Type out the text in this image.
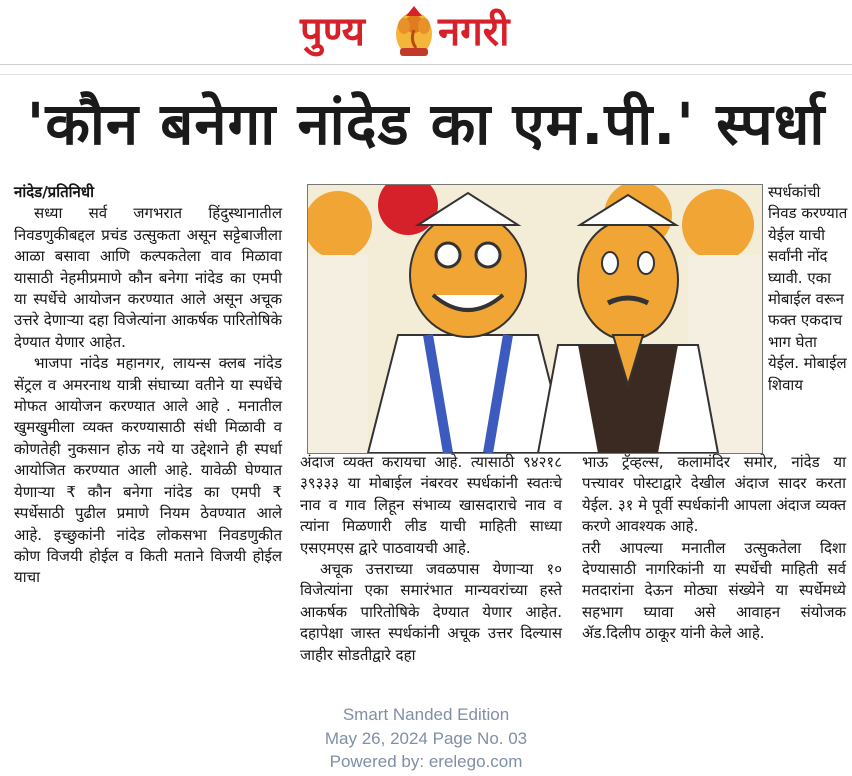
पुण्य नगरी
'कौन बनेगा नांदेड का एम.पी.' स्पर्धा

नांदेड/प्रतिनिधी

सध्या सर्व जगभरात हिंदुस्थानातील निवडणुकीबद्दल प्रचंड उत्सुकता असून सट्टेबाजीला आळा बसावा आणि कल्पकतेला वाव मिळावा यासाठी नेहमीप्रमाणे कौन बनेगा नांदेड का एमपी या स्पर्धेचे आयोजन करण्यात आले असून अचूक उत्तरे देणाऱ्या दहा विजेत्यांना आकर्षक पारितोषिके देण्यात येणार आहेत.

भाजपा नांदेड महानगर, लायन्स क्लब नांदेड सेंट्रल व अमरनाथ यात्री संघाच्या वतीने या स्पर्धेचे मोफत आयोजन करण्यात आले आहे . मनातील खुमखुमीला व्यक्त करण्यासाठी संधी मिळावी व कोणतेही नुकसान होऊ नये या उद्देशाने ही स्पर्धा आयोजित करण्यात आली आहे. यावेळी घेण्यात येणाऱ्या ₹ कौन बनेगा नांदेड का एमपी ₹ स्पर्धेसाठी पुढील प्रमाणे नियम ठेवण्यात आले आहे. इच्छुकांनी नांदेड लोकसभा निवडणुकीत कोण विजयी होईल व किती मताने विजयी होईल याचा

अंदाज व्यक्त करायचा आहे. त्यासाठी ९४२१८ ३९३३३ या मोबाईल नंबरवर स्पर्धकांनी स्वतःचे नाव व गाव लिहून संभाव्य खासदाराचे नाव व त्यांना मिळणारी लीड याची माहिती साध्या एसएमएस द्वारे पाठवायची आहे.

अचूक उत्तराच्या जवळपास येणाऱ्या १० विजेत्यांना एका समारंभात मान्यवरांच्या हस्ते आकर्षक पारितोषिके देण्यात येणार आहेत. दहापेक्षा जास्त स्पर्धकांनी अचूक उत्तर दिल्यास जाहीर सोडतीद्वारे दहा

स्पर्धकांची निवड करण्यात येईल याची सर्वांनी नोंद घ्यावी. एका मोबाईल वरून फक्त एकदाच भाग घेता येईल. मोबाईल शिवाय

भाऊ ट्रॅव्हल्स, कलामंदिर समोर, नांदेड या पत्त्यावर पोस्टाद्वारे देखील अंदाज सादर करता येईल. ३१ मे पूर्वी स्पर्धकांनी आपला अंदाज व्यक्त करणे आवश्यक आहे.

तरी आपल्या मनातील उत्सुकतेला दिशा देण्यासाठी नागरिकांनी या स्पर्धेची माहिती सर्व मतदारांना देऊन मोठ्या संख्येने या स्पर्धेमध्ये सहभाग घ्यावा असे आवाहन संयोजक ॲड.दिलीप ठाकूर यांनी केले आहे.

Smart Nanded Edition
May 26, 2024 Page No. 03
Powered by: erelego.com
